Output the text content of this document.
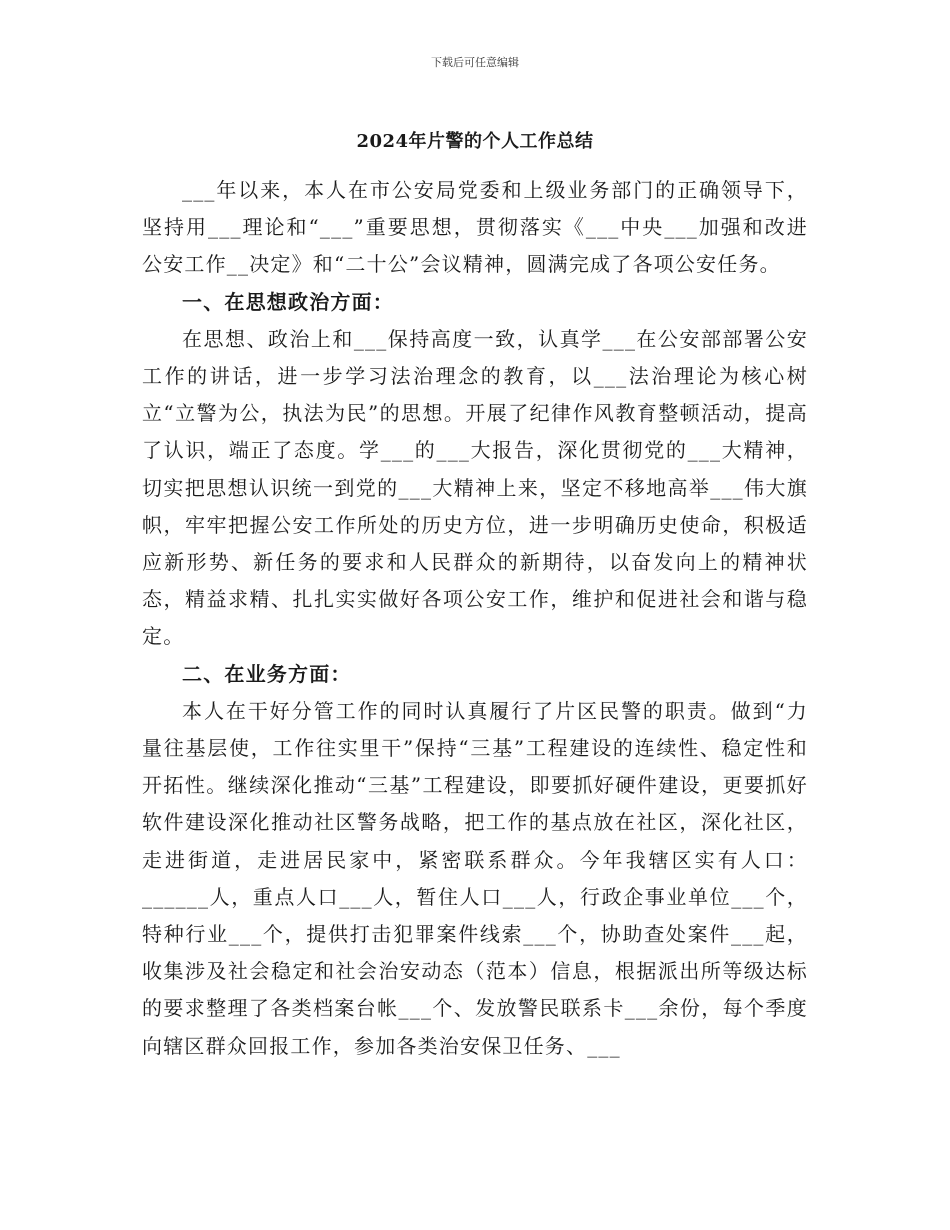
下载后可任意编辑
2024年片警的个人工作总结

___年以来，本人在市公安局党委和上级业务部门的正确领导下，坚持用___理论和“___”重要思想，贯彻落实《___中央___加强和改进公安工作__决定》和“二十公”会议精神，圆满完成了各项公安任务。

一、在思想政治方面：

在思想、政治上和___保持高度一致，认真学___在公安部部署公安工作的讲话，进一步学习法治理念的教育，以___法治理论为核心树立“立警为公，执法为民”的思想。开展了纪律作风教育整顿活动，提高了认识，端正了态度。学___的___大报告，深化贯彻党的___大精神，切实把思想认识统一到党的___大精神上来，坚定不移地高举___伟大旗帜，牢牢把握公安工作所处的历史方位，进一步明确历史使命，积极适应新形势、新任务的要求和人民群众的新期待，以奋发向上的精神状态，精益求精、扎扎实实做好各项公安工作，维护和促进社会和谐与稳定。

二、在业务方面：

本人在干好分管工作的同时认真履行了片区民警的职责。做到“力量往基层使，工作往实里干”保持“三基”工程建设的连续性、稳定性和开拓性。继续深化推动“三基”工程建设，即要抓好硬件建设，更要抓好软件建设深化推动社区警务战略，把工作的基点放在社区，深化社区，走进街道，走进居民家中，紧密联系群众。今年我辖区实有人口：______人，重点人口___人，暂住人口___人，行政企事业单位___个，特种行业___个，提供打击犯罪案件线索___个，协助查处案件___起，收集涉及社会稳定和社会治安动态（范本）信息，根据派出所等级达标的要求整理了各类档案台帐___个、发放警民联系卡___余份，每个季度向辖区群众回报工作，参加各类治安保卫任务、___
